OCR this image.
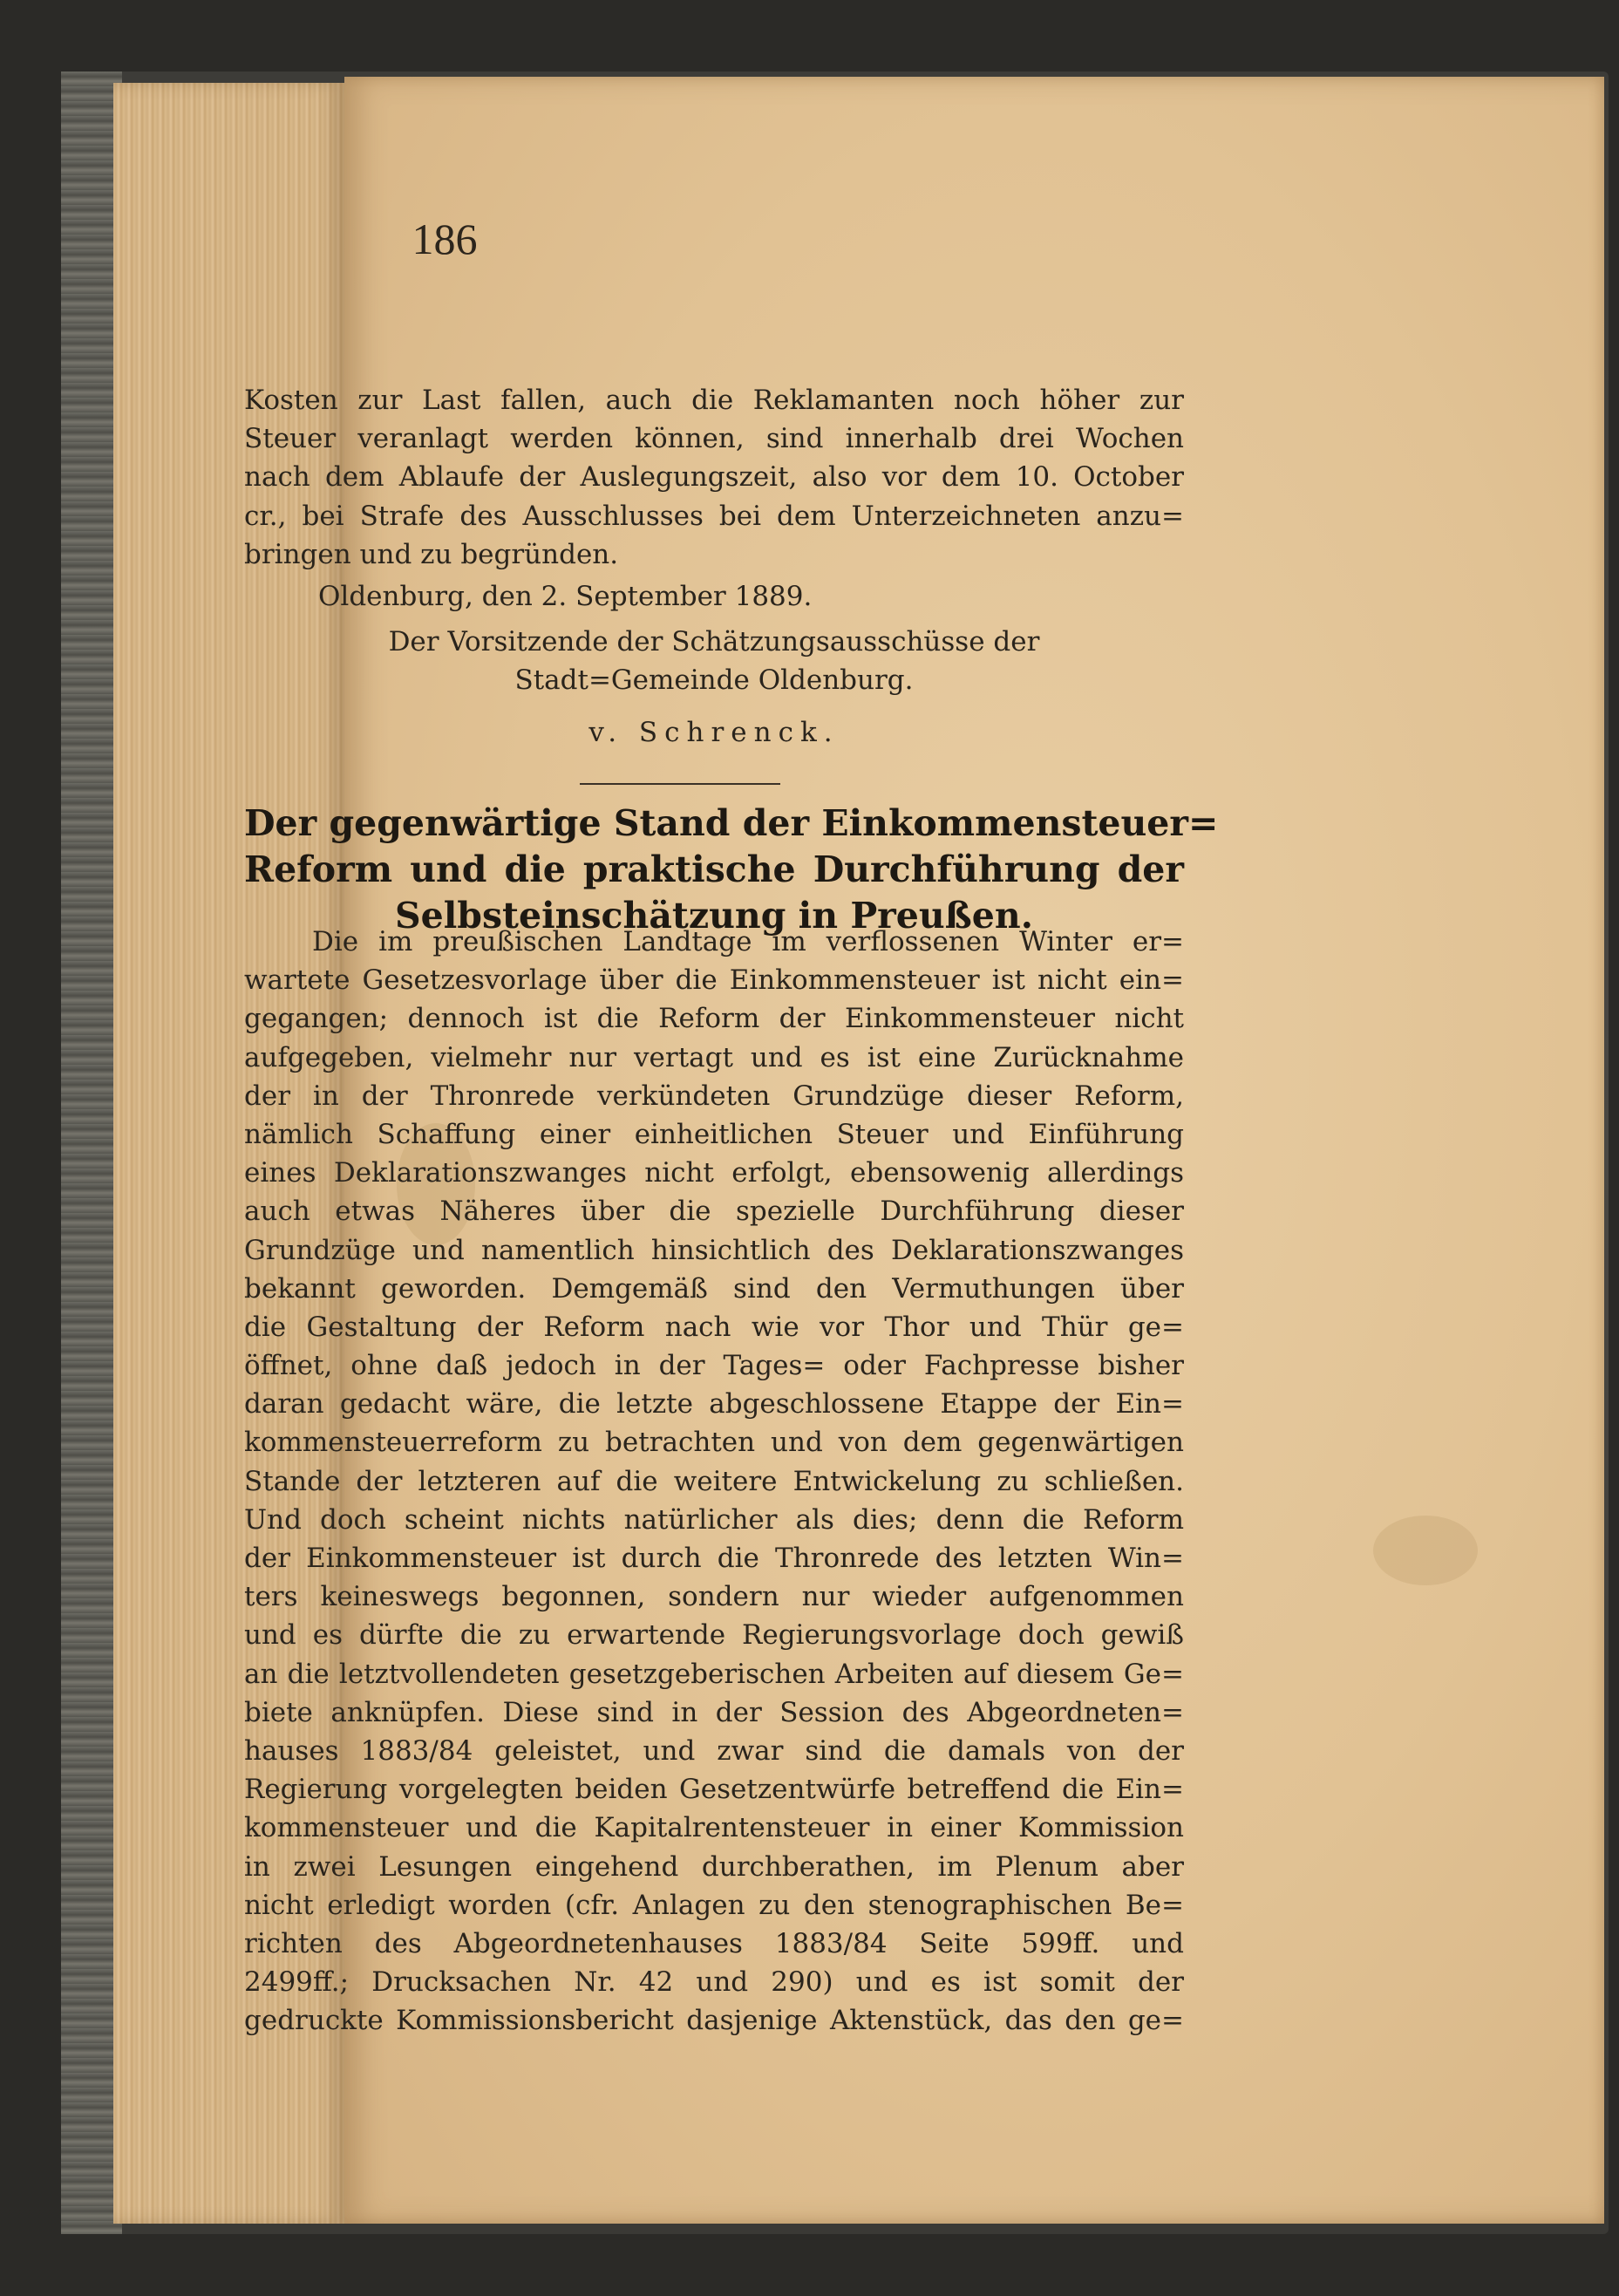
186
Kosten zur Last fallen, auch die Reklamanten noch höher zur
Steuer veranlagt werden können, sind innerhalb drei Wochen
nach dem Ablaufe der Auslegungszeit, also vor dem 10. October
cr., bei Strafe des Ausschlusses bei dem Unterzeichneten anzu=
bringen und zu begründen.
Oldenburg, den 2. September 1889.
Der Vorsitzende der Schätzungsausschüsse der
Stadt=Gemeinde Oldenburg.
v. Schrenck.
Der gegenwärtige Stand der Einkommensteuer=
Reform und die praktische Durchführung der
Selbsteinschätzung in Preußen.
Die im preußischen Landtage im verflossenen Winter er=
wartete Gesetzesvorlage über die Einkommensteuer ist nicht ein=
gegangen; dennoch ist die Reform der Einkommensteuer nicht
aufgegeben, vielmehr nur vertagt und es ist eine Zurücknahme
der in der Thronrede verkündeten Grundzüge dieser Reform,
nämlich Schaffung einer einheitlichen Steuer und Einführung
eines Deklarationszwanges nicht erfolgt, ebensowenig allerdings
auch etwas Näheres über die spezielle Durchführung dieser
Grundzüge und namentlich hinsichtlich des Deklarationszwanges
bekannt geworden. Demgemäß sind den Vermuthungen über
die Gestaltung der Reform nach wie vor Thor und Thür ge=
öffnet, ohne daß jedoch in der Tages= oder Fachpresse bisher
daran gedacht wäre, die letzte abgeschlossene Etappe der Ein=
kommensteuerreform zu betrachten und von dem gegenwärtigen
Stande der letzteren auf die weitere Entwickelung zu schließen.
Und doch scheint nichts natürlicher als dies; denn die Reform
der Einkommensteuer ist durch die Thronrede des letzten Win=
ters keineswegs begonnen, sondern nur wieder aufgenommen
und es dürfte die zu erwartende Regierungsvorlage doch gewiß
an die letztvollendeten gesetzgeberischen Arbeiten auf diesem Ge=
biete anknüpfen. Diese sind in der Session des Abgeordneten=
hauses 1883/84 geleistet, und zwar sind die damals von der
Regierung vorgelegten beiden Gesetzentwürfe betreffend die Ein=
kommensteuer und die Kapitalrentensteuer in einer Kommission
in zwei Lesungen eingehend durchberathen, im Plenum aber
nicht erledigt worden (cfr. Anlagen zu den stenographischen Be=
richten des Abgeordnetenhauses 1883/84 Seite 599ff. und
2499ff.; Drucksachen Nr. 42 und 290) und es ist somit der
gedruckte Kommissionsbericht dasjenige Aktenstück, das den ge=
